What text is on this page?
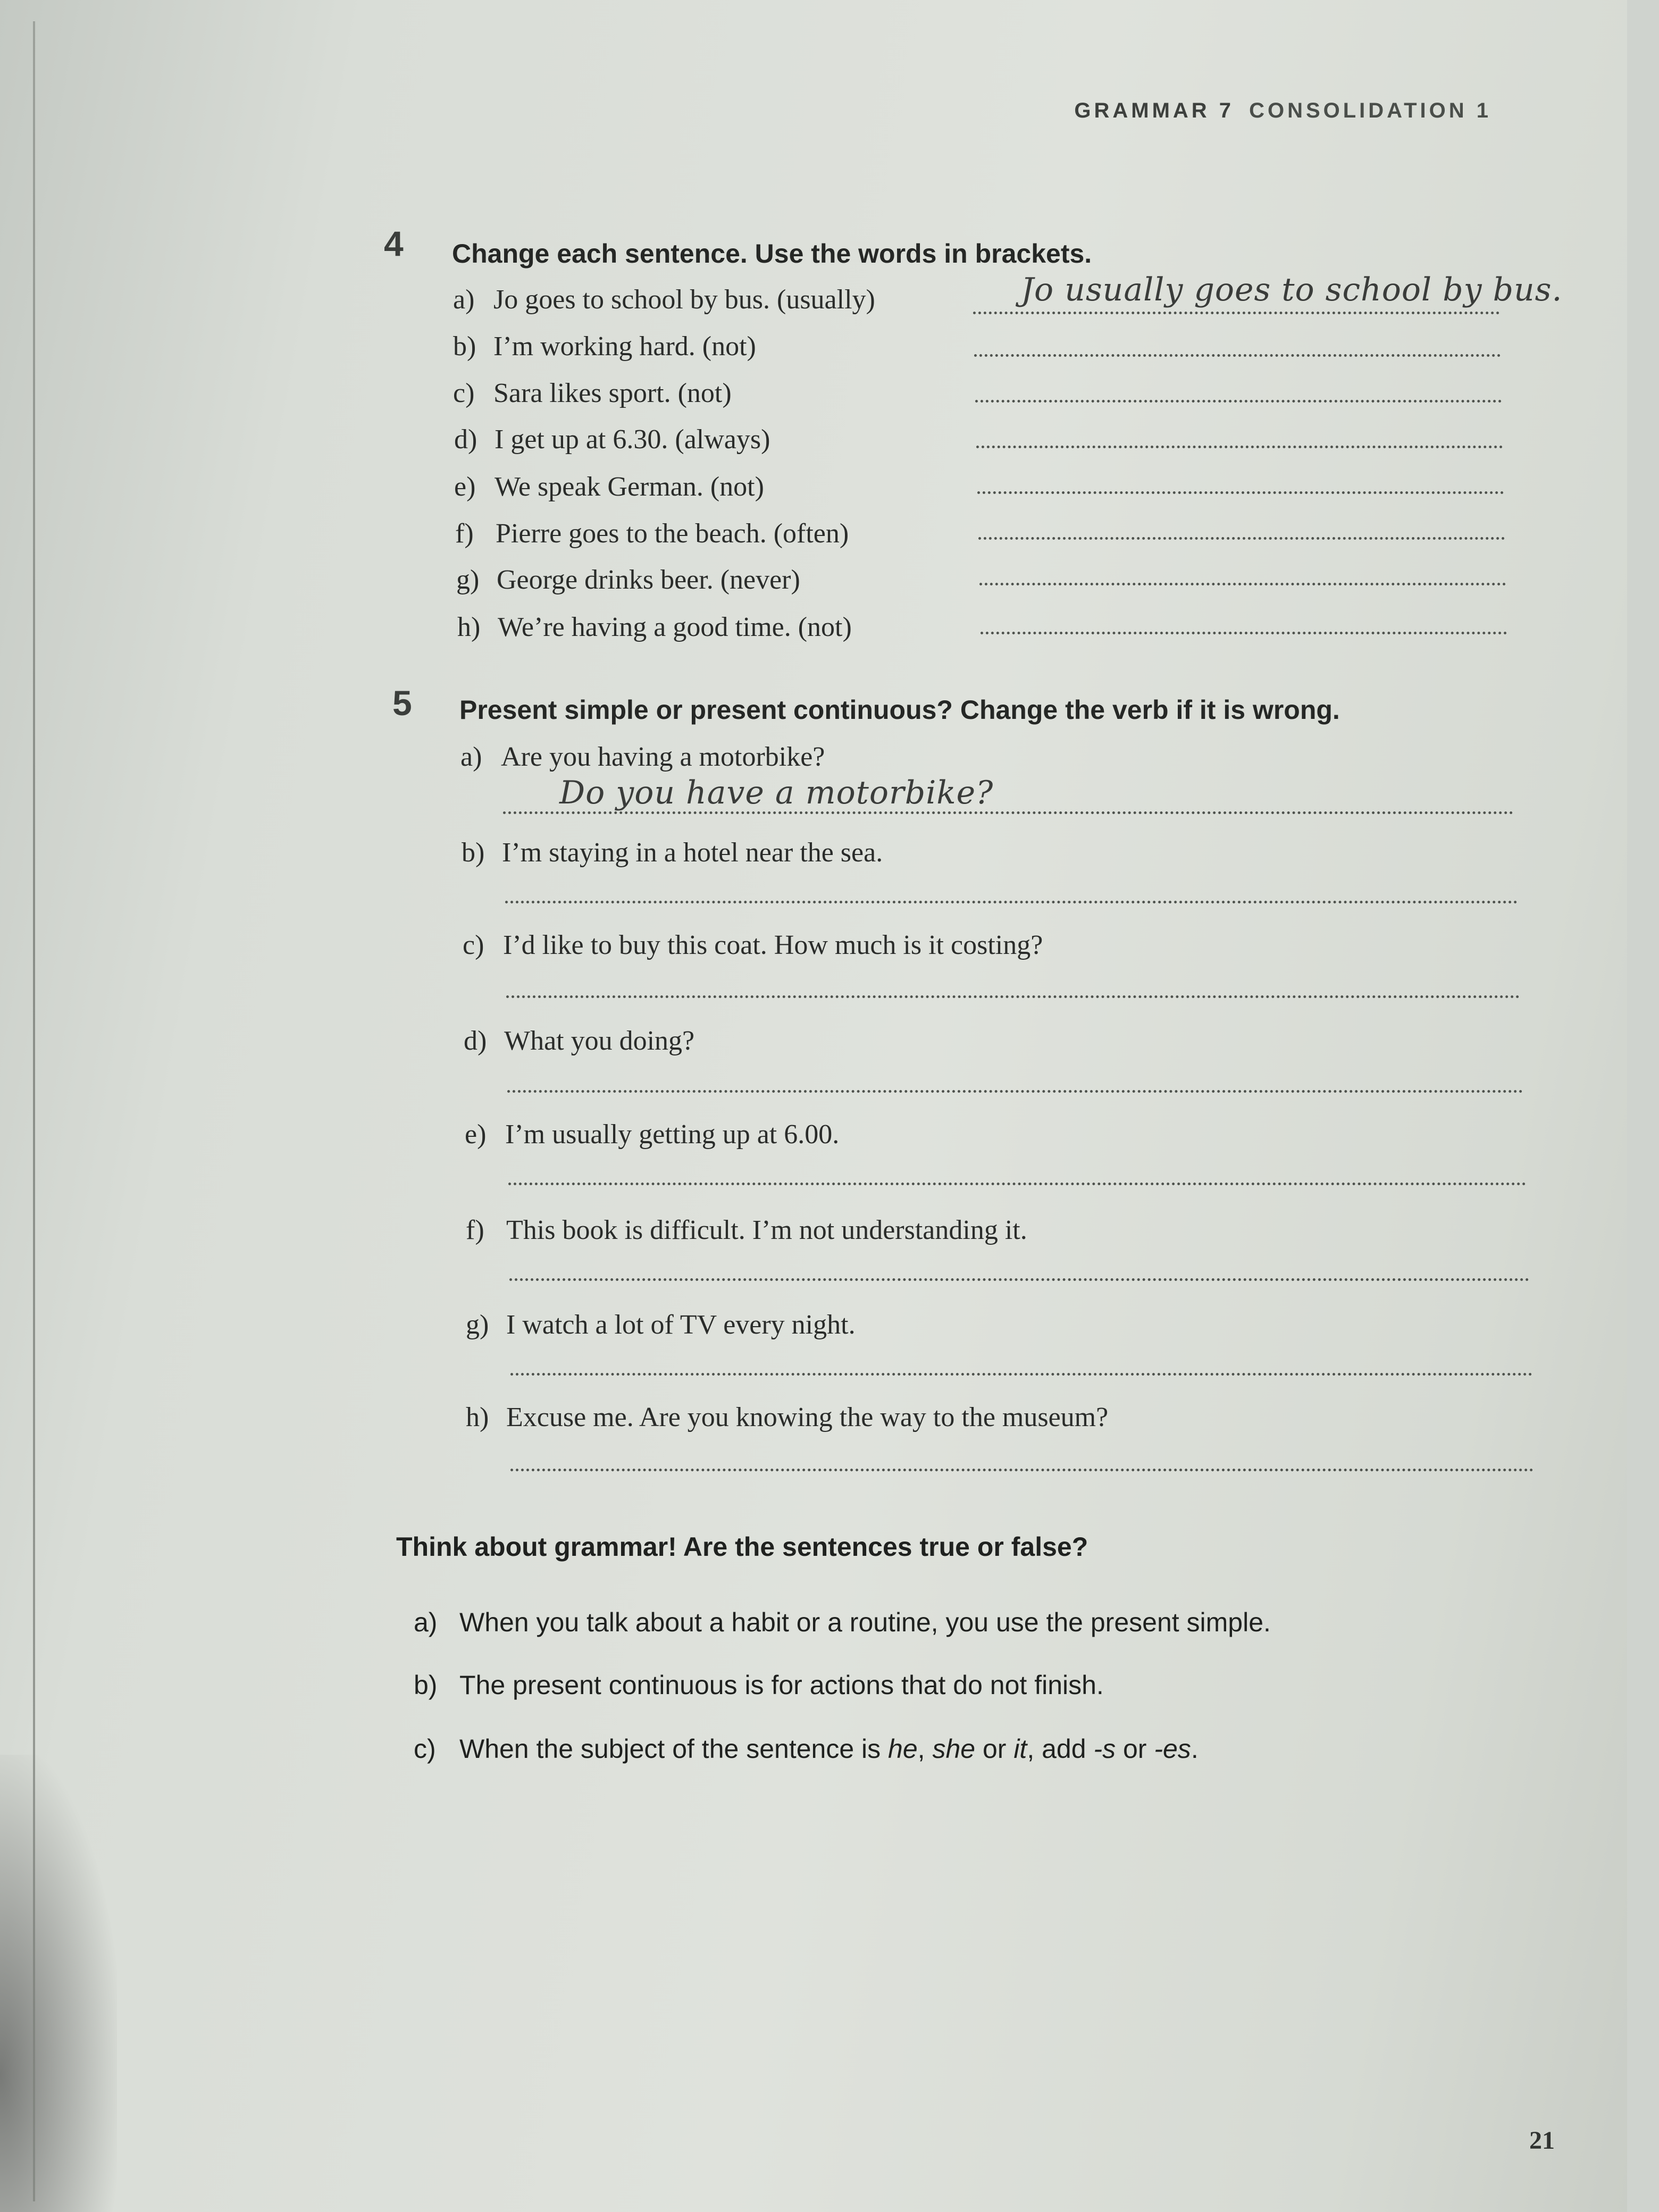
GRAMMAR 7 CONSOLIDATION 1
4 Change each sentence. Use the words in brackets.
a) Jo goes to school by bus. (usually)	Jo usually goes to school by bus.
b) I’m working hard. (not)
c) Sara likes sport. (not)
d) I get up at 6.30. (always)
e) We speak German. (not)
f) Pierre goes to the beach. (often)
g) George drinks beer. (never)
h) We’re having a good time. (not)
5 Present simple or present continuous? Change the verb if it is wrong.
a) Are you having a motorbike?
Do you have a motorbike?
b) I’m staying in a hotel near the sea.
c) I’d like to buy this coat. How much is it costing?
d) What you doing?
e) I’m usually getting up at 6.00.
f) This book is difficult. I’m not understanding it.
g) I watch a lot of TV every night.
h) Excuse me. Are you knowing the way to the museum?
Think about grammar! Are the sentences true or false?
a) When you talk about a habit or a routine, you use the present simple.
b) The present continuous is for actions that do not finish.
c) When the subject of the sentence is he, she or it, add -s or -es.
21
